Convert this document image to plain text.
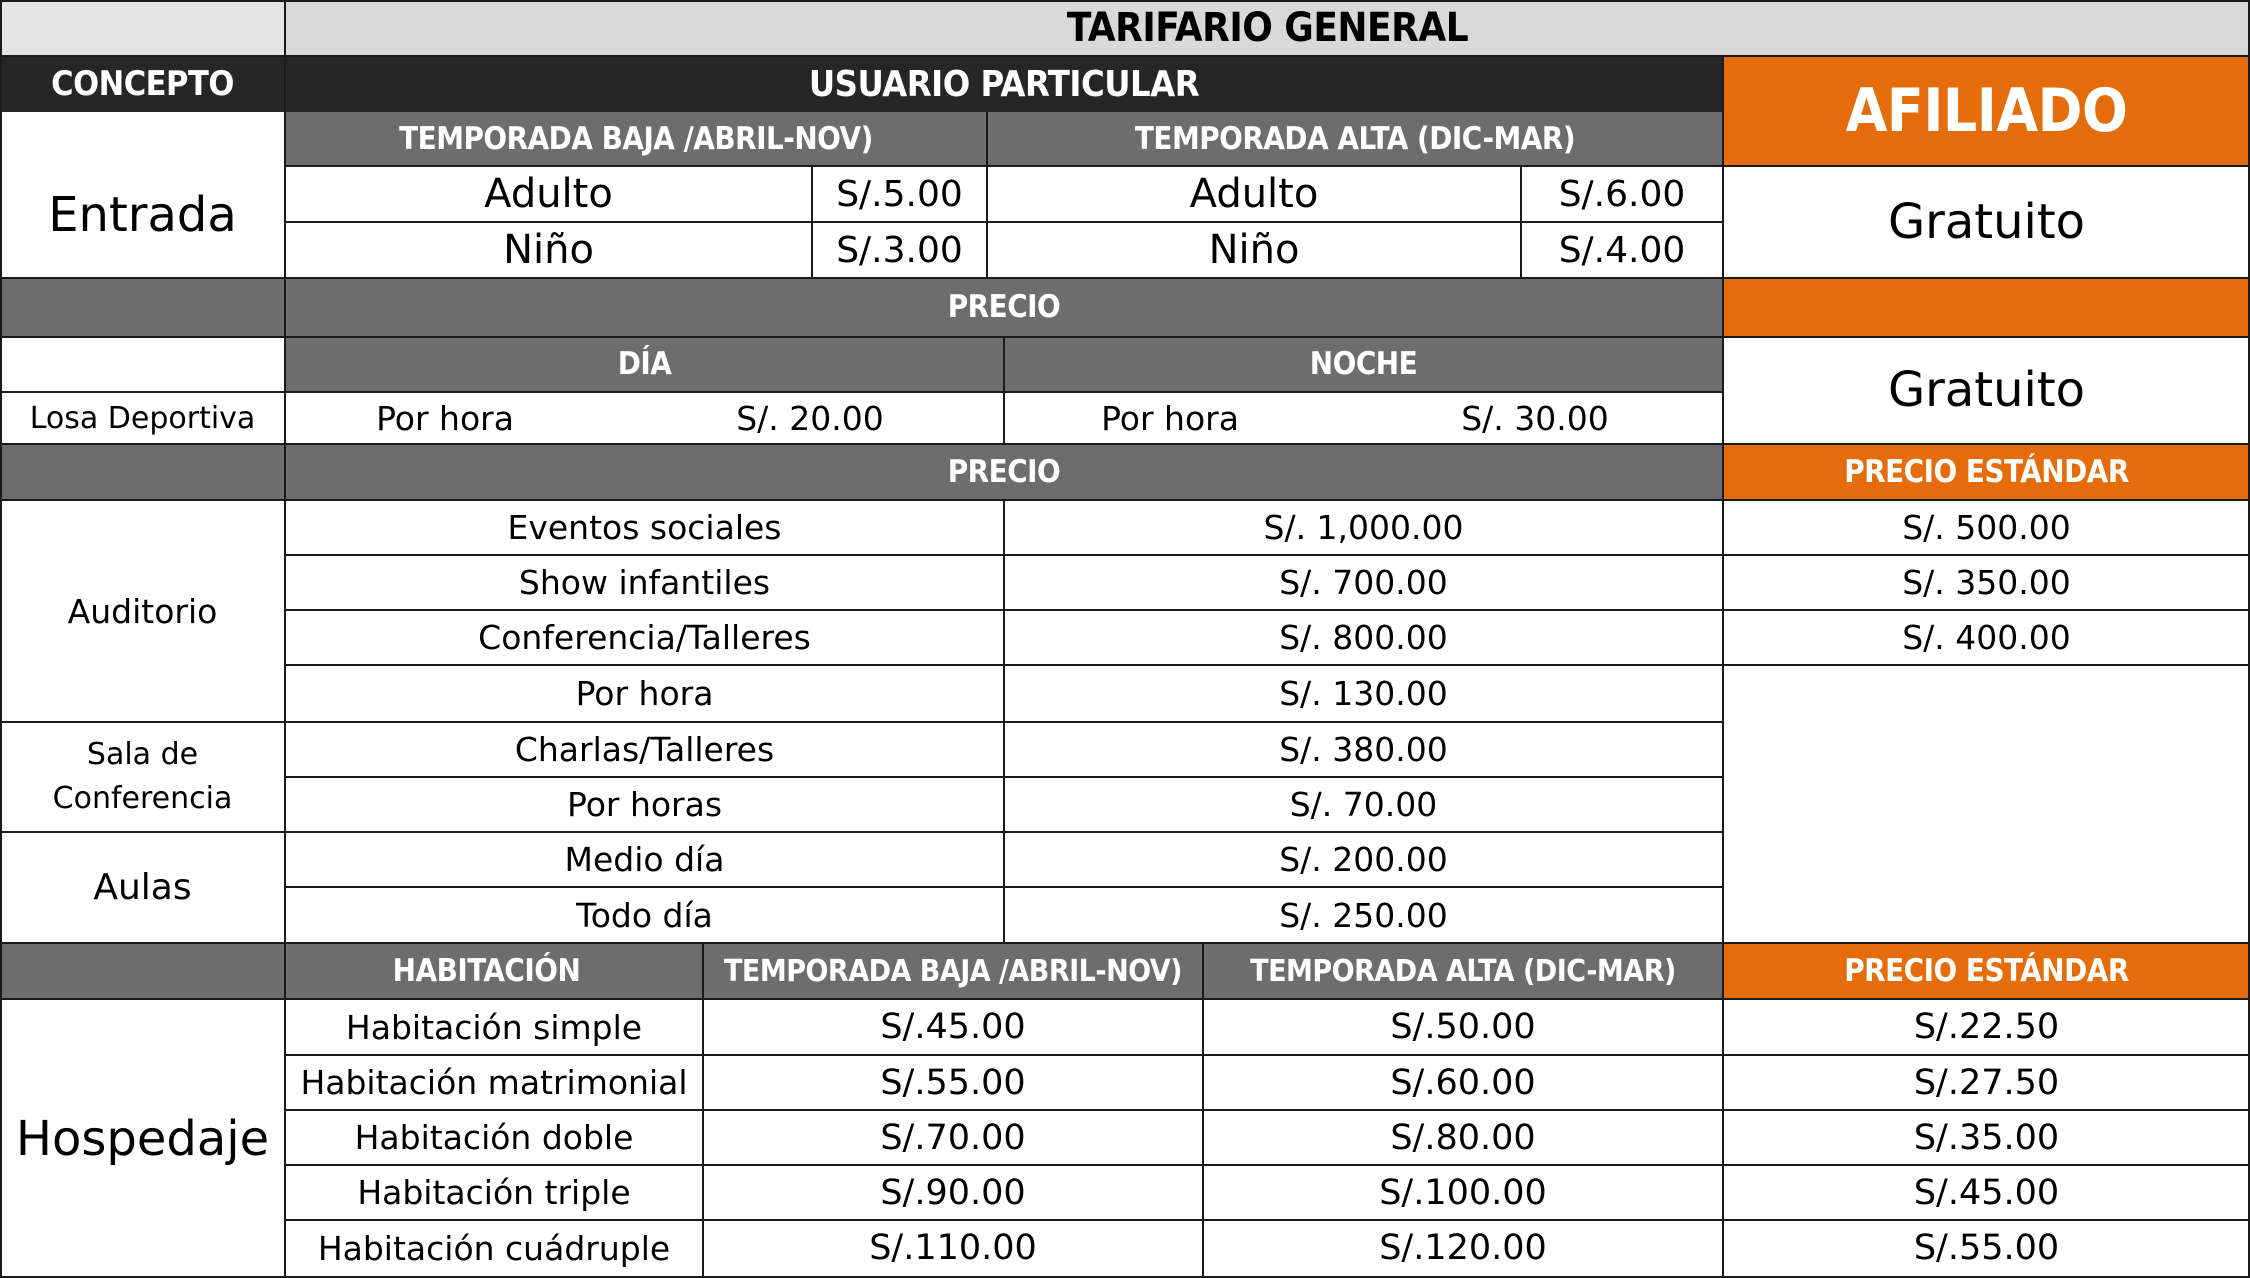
TARIFARIO GENERAL
CONCEPTO	USUARIO PARTICULAR	AFILIADO
TEMPORADA BAJA /ABRIL-NOV)	TEMPORADA ALTA (DIC-MAR)
Entrada	Adulto	S/.5.00	Adulto	S/.6.00
Niño	S/.3.00	Niño	S/.4.00	Gratuito
PRECIO
DÍA	NOCHE
Losa Deportiva	Por hora	S/. 20.00	Por hora	S/. 30.00	Gratuito
PRECIO	PRECIO ESTÁNDAR
Auditorio
Eventos sociales	S/. 1,000.00	S/. 500.00
Show infantiles	S/. 700.00	S/. 350.00
Conferencia/Talleres	S/. 800.00	S/. 400.00
Por hora	S/. 130.00
Sala de
Conferencia
Charlas/Talleres	S/. 380.00
Por horas	S/. 70.00
Aulas
Medio día	S/. 200.00
Todo día	S/. 250.00
HABITACIÓN	TEMPORADA BAJA /ABRIL-NOV)	TEMPORADA ALTA (DIC-MAR)	PRECIO ESTÁNDAR
Hospedaje
Habitación simple	S/.45.00	S/.50.00	S/.22.50
Habitación matrimonial	S/.55.00	S/.60.00	S/.27.50
Habitación doble	S/.70.00	S/.80.00	S/.35.00
Habitación triple	S/.90.00	S/.100.00	S/.45.00
Habitación cuádruple	S/.110.00	S/.120.00	S/.55.00
